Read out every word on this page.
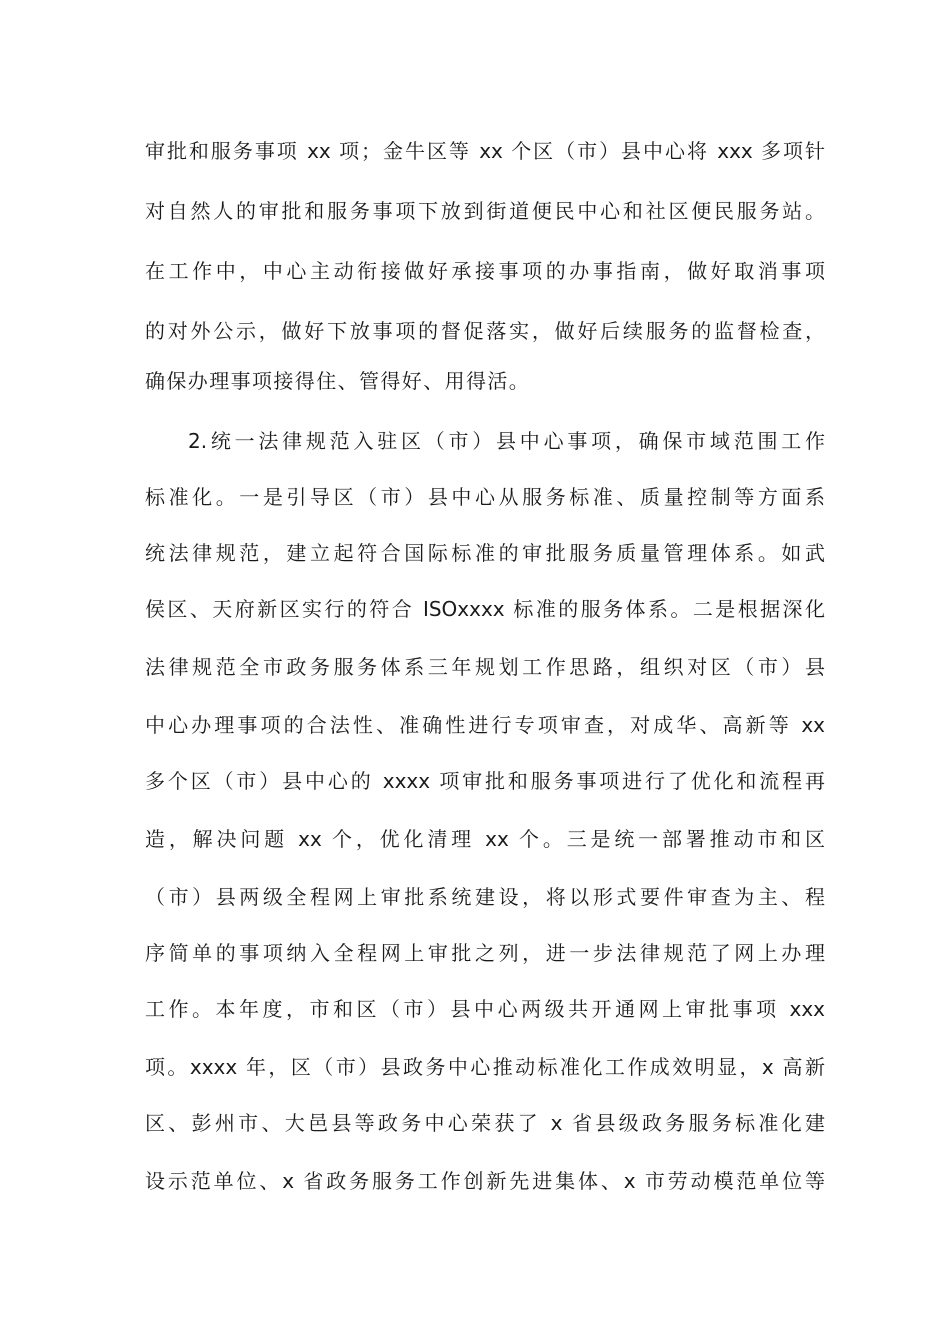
审批和服务事项 xx 项；金牛区等 xx 个区（市）县中心将 xxx 多项针
对自然人的审批和服务事项下放到街道便民中心和社区便民服务站。
在工作中，中心主动衔接做好承接事项的办事指南，做好取消事项
的对外公示，做好下放事项的督促落实，做好后续服务的监督检查，
确保办理事项接得住、管得好、用得活。
2.统一法律规范入驻区（市）县中心事项，确保市域范围工作
标准化。一是引导区（市）县中心从服务标准、质量控制等方面系
统法律规范，建立起符合国际标准的审批服务质量管理体系。如武
侯区、天府新区实行的符合 ISOxxxx 标准的服务体系。二是根据深化
法律规范全市政务服务体系三年规划工作思路，组织对区（市）县
中心办理事项的合法性、准确性进行专项审查，对成华、高新等 xx
多个区（市）县中心的 xxxx 项审批和服务事项进行了优化和流程再
造，解决问题 xx 个，优化清理 xx 个。三是统一部署推动市和区
（市）县两级全程网上审批系统建设，将以形式要件审查为主、程
序简单的事项纳入全程网上审批之列，进一步法律规范了网上办理
工作。本年度，市和区（市）县中心两级共开通网上审批事项 xxx
项。xxxx 年，区（市）县政务中心推动标准化工作成效明显，x 高新
区、彭州市、大邑县等政务中心荣获了 x 省县级政务服务标准化建
设示范单位、x 省政务服务工作创新先进集体、x 市劳动模范单位等
